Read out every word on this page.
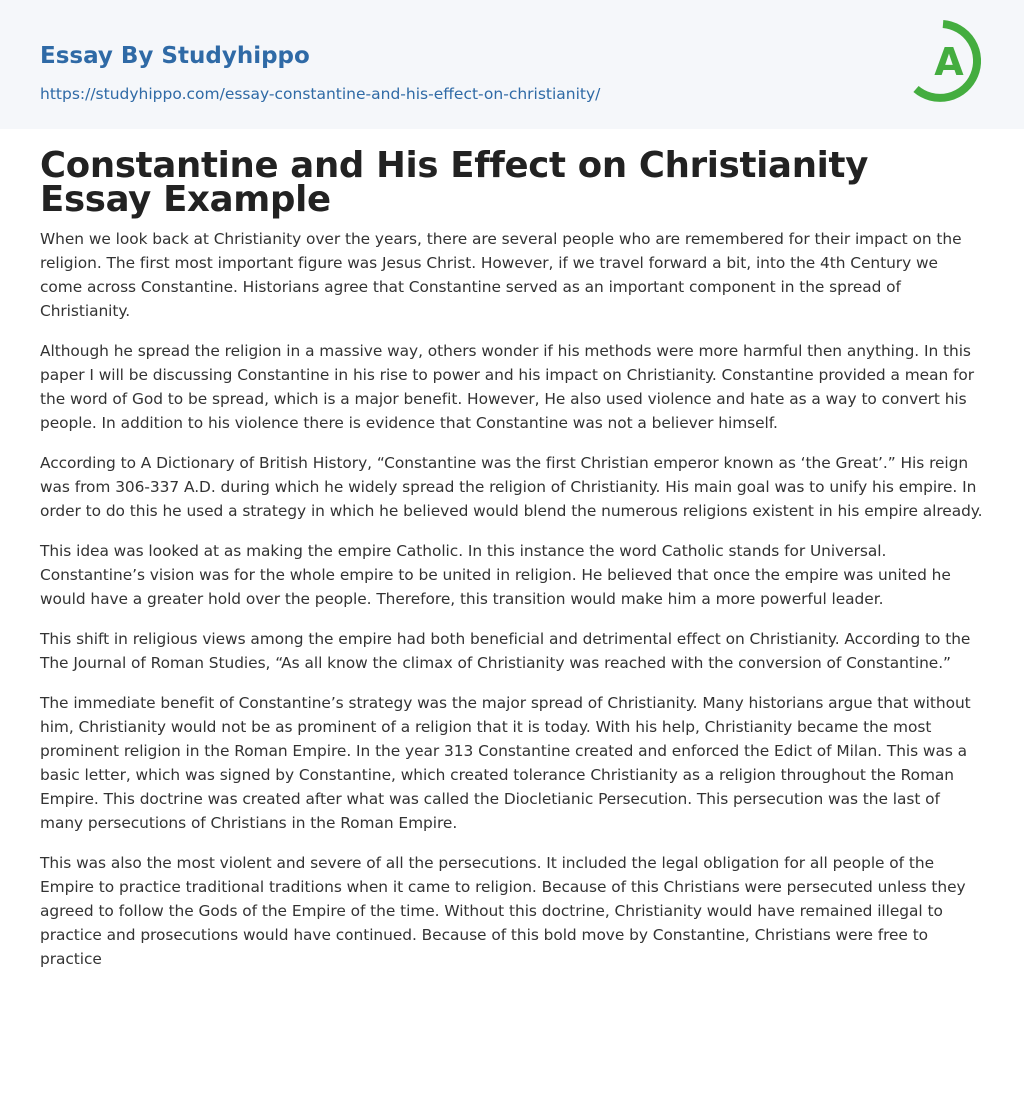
Essay By Studyhippo
https://studyhippo.com/essay-constantine-and-his-effect-on-christianity/
A
Constantine and His Effect on Christianity Essay Example

When we look back at Christianity over the years, there are several people who are remembered for their impact on the religion. The first most important figure was Jesus Christ. However, if we travel forward a bit, into the 4th Century we come across Constantine. Historians agree that Constantine served as an important component in the spread of Christianity.

Although he spread the religion in a massive way, others wonder if his methods were more harmful then anything. In this paper I will be discussing Constantine in his rise to power and his impact on Christianity. Constantine provided a mean for the word of God to be spread, which is a major benefit. However, He also used violence and hate as a way to convert his people. In addition to his violence there is evidence that Constantine was not a believer himself.

According to A Dictionary of British History, “Constantine was the first Christian emperor known as ‘the Great’.” His reign was from 306-337 A.D. during which he widely spread the religion of Christianity. His main goal was to unify his empire. In order to do this he used a strategy in which he believed would blend the numerous religions existent in his empire already.

This idea was looked at as making the empire Catholic. In this instance the word Catholic stands for Universal. Constantine’s vision was for the whole empire to be united in religion. He believed that once the empire was united he would have a greater hold over the people. Therefore, this transition would make him a more powerful leader.

This shift in religious views among the empire had both beneficial and detrimental effect on Christianity. According to the The Journal of Roman Studies, “As all know the climax of Christianity was reached with the conversion of Constantine.”

The immediate benefit of Constantine’s strategy was the major spread of Christianity. Many historians argue that without him, Christianity would not be as prominent of a religion that it is today. With his help, Christianity became the most prominent religion in the Roman Empire. In the year 313 Constantine created and enforced the Edict of Milan. This was a basic letter, which was signed by Constantine, which created tolerance Christianity as a religion throughout the Roman Empire. This doctrine was created after what was called the Diocletianic Persecution. This persecution was the last of many persecutions of Christians in the Roman Empire.

This was also the most violent and severe of all the persecutions. It included the legal obligation for all people of the Empire to practice traditional traditions when it came to religion. Because of this Christians were persecuted unless they agreed to follow the Gods of the Empire of the time. Without this doctrine, Christianity would have remained illegal to practice and prosecutions would have continued. Because of this bold move by Constantine, Christians were free to practice
